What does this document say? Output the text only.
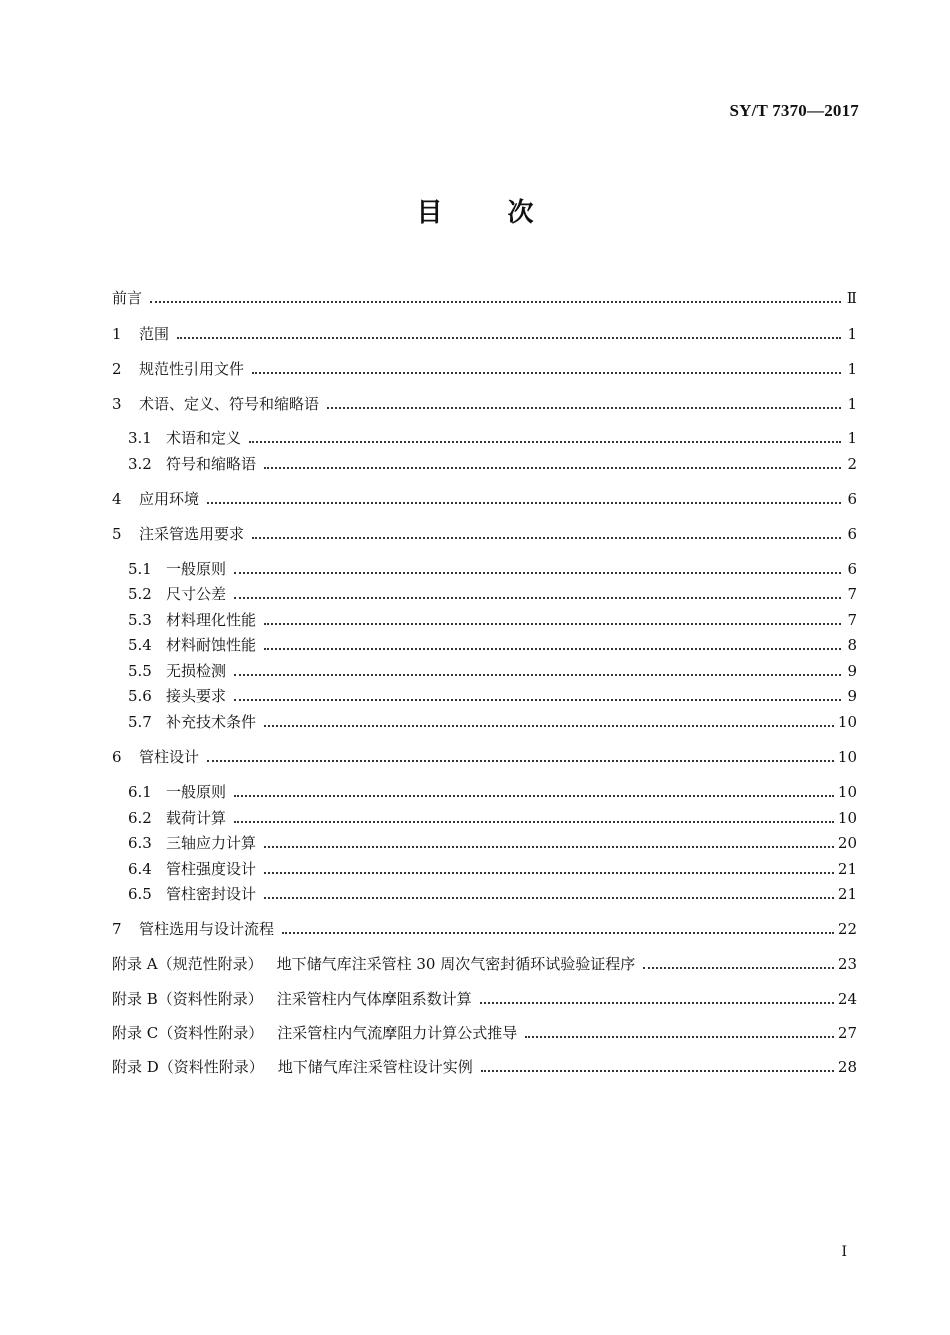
SY/T 7370—2017
目	次
前言	Ⅱ
1	范围	1
2	规范性引用文件	1
3	术语、定义、符号和缩略语	1
3.1 术语和定义	1
3.2 符号和缩略语	2
4	应用环境	6
5	注采管选用要求	6
5.1 一般原则	6
5.2 尺寸公差	7
5.3 材料理化性能	7
5.4 材料耐蚀性能	8
5.5 无损检测	9
5.6 接头要求	9
5.7 补充技术条件	10
6	管柱设计	10
6.1 一般原则	10
6.2 载荷计算	10
6.3 三轴应力计算	20
6.4 管柱强度设计	21
6.5 管柱密封设计	21
7	管柱选用与设计流程	22
附录 A（规范性附录） 地下储气库注采管柱 30 周次气密封循环试验验证程序	23
附录 B（资料性附录） 注采管柱内气体摩阻系数计算	24
附录 C（资料性附录） 注采管柱内气流摩阻力计算公式推导	27
附录 D（资料性附录） 地下储气库注采管柱设计实例	28
I
